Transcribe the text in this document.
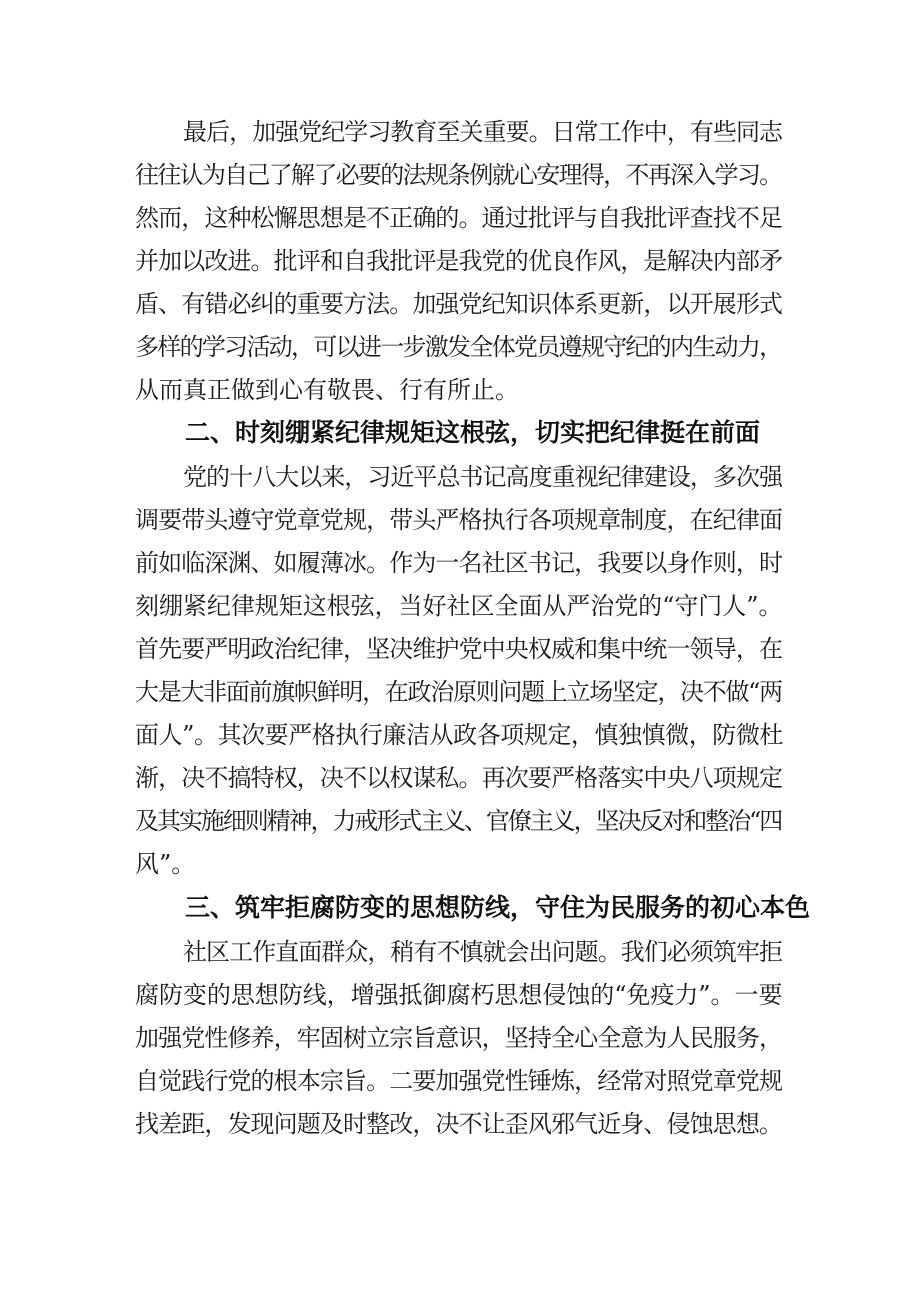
最后，加强党纪学习教育至关重要。日常工作中，有些同志
往往认为自己了解了必要的法规条例就心安理得，不再深入学习。
然而，这种松懈思想是不正确的。通过批评与自我批评查找不足
并加以改进。批评和自我批评是我党的优良作风，是解决内部矛
盾、有错必纠的重要方法。加强党纪知识体系更新，以开展形式
多样的学习活动，可以进一步激发全体党员遵规守纪的内生动力，
从而真正做到心有敬畏、行有所止。
二、时刻绷紧纪律规矩这根弦，切实把纪律挺在前面
党的十八大以来，习近平总书记高度重视纪律建设，多次强
调要带头遵守党章党规，带头严格执行各项规章制度，在纪律面
前如临深渊、如履薄冰。作为一名社区书记，我要以身作则，时
刻绷紧纪律规矩这根弦，当好社区全面从严治党的“守门人”。
首先要严明政治纪律，坚决维护党中央权威和集中统一领导，在
大是大非面前旗帜鲜明，在政治原则问题上立场坚定，决不做“两
面人”。其次要严格执行廉洁从政各项规定，慎独慎微，防微杜
渐，决不搞特权，决不以权谋私。再次要严格落实中央八项规定
及其实施细则精神，力戒形式主义、官僚主义，坚决反对和整治“四
风”。
三、筑牢拒腐防变的思想防线，守住为民服务的初心本色
社区工作直面群众，稍有不慎就会出问题。我们必须筑牢拒
腐防变的思想防线，增强抵御腐朽思想侵蚀的“免疫力”。一要
加强党性修养，牢固树立宗旨意识，坚持全心全意为人民服务，
自觉践行党的根本宗旨。二要加强党性锤炼，经常对照党章党规
找差距，发现问题及时整改，决不让歪风邪气近身、侵蚀思想。
